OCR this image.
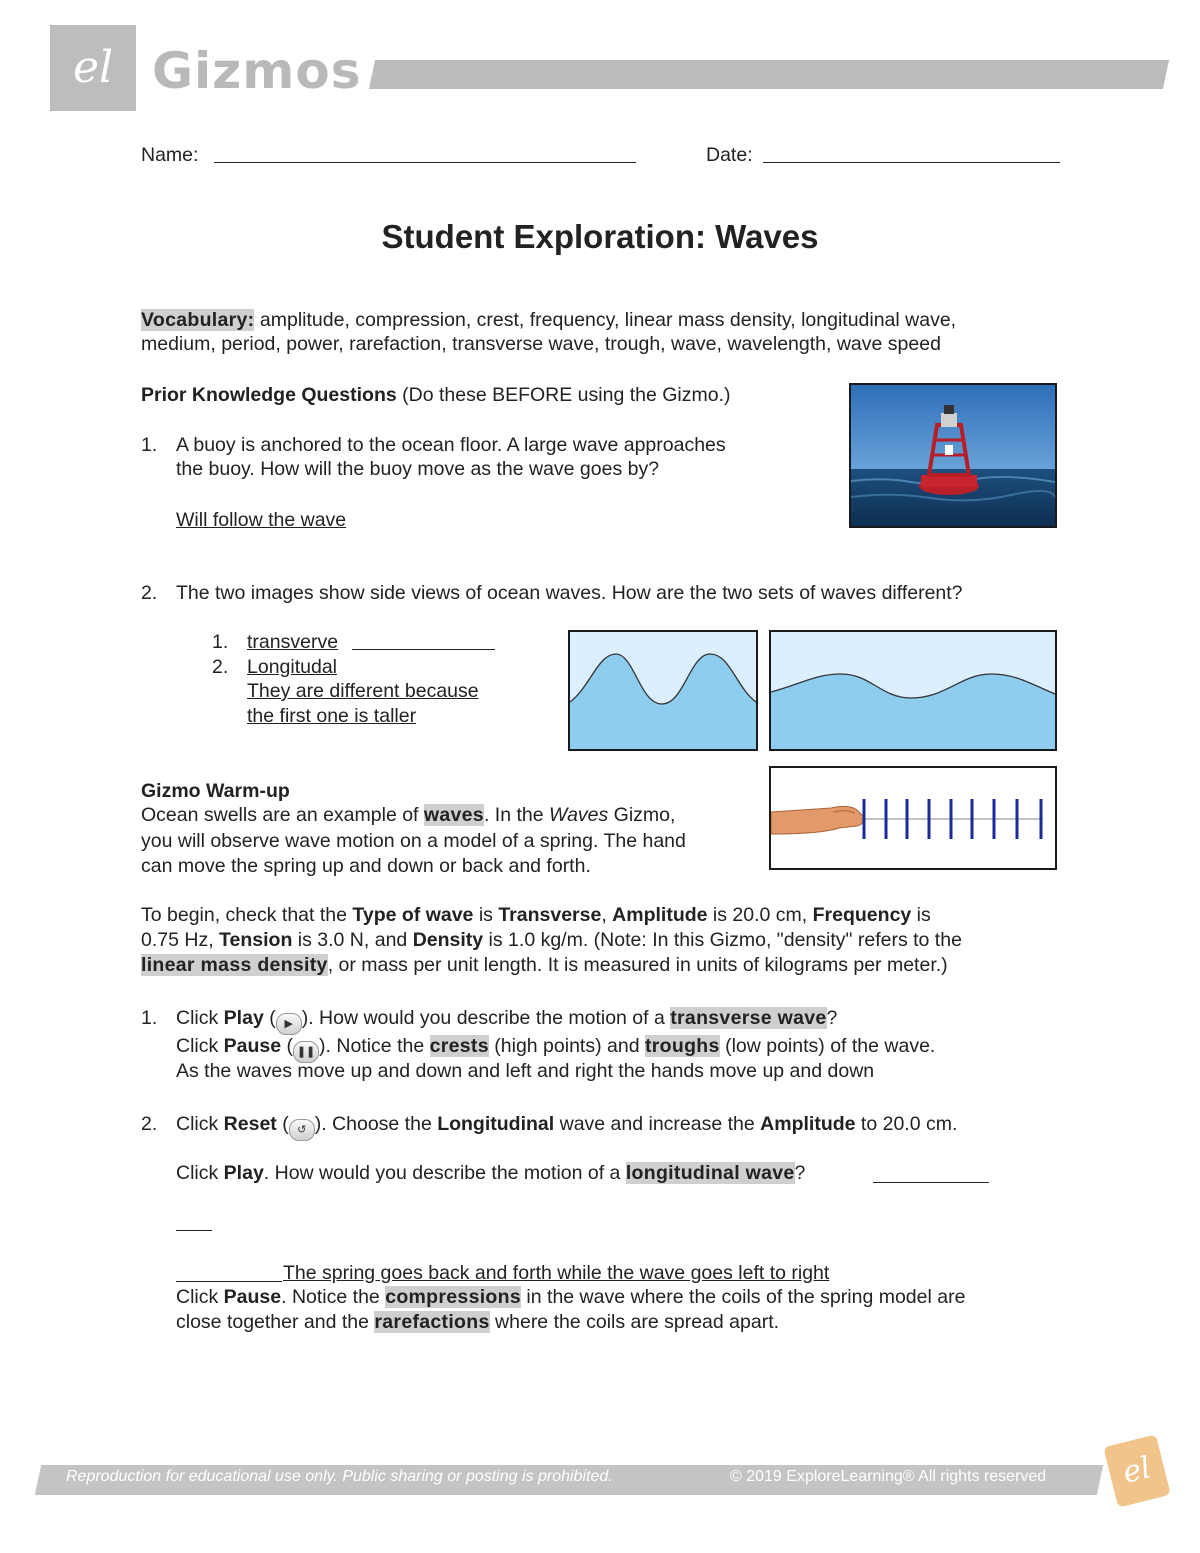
el Gizmos
Name:	Date:
Student Exploration: Waves
Vocabulary: amplitude, compression, crest, frequency, linear mass density, longitudinal wave,
medium, period, power, rarefaction, transverse wave, trough, wave, wavelength, wave speed
Prior Knowledge Questions (Do these BEFORE using the Gizmo.)
1. A buoy is anchored to the ocean floor. A large wave approaches
the buoy. How will the buoy move as the wave goes by?
Will follow the wave
2. The two images show side views of ocean waves. How are the two sets of waves different?
1. transverve
2. Longitudal
They are different because
the first one is taller
Gizmo Warm-up
Ocean swells are an example of waves. In the Waves Gizmo,
you will observe wave motion on a model of a spring. The hand
can move the spring up and down or back and forth.
To begin, check that the Type of wave is Transverse, Amplitude is 20.0 cm, Frequency is
0.75 Hz, Tension is 3.0 N, and Density is 1.0 kg/m. (Note: In this Gizmo, "density" refers to the
linear mass density, or mass per unit length. It is measured in units of kilograms per meter.)
1. Click Play ( ▶ ). How would you describe the motion of a transverse wave?
Click Pause ( ❚❚ ). Notice the crests (high points) and troughs (low points) of the wave.
As the waves move up and down and left and right the hands move up and down
2. Click Reset ( ↺ ). Choose the Longitudinal wave and increase the Amplitude to 20.0 cm.
Click Play. How would you describe the motion of a longitudinal wave?
The spring goes back and forth while the wave goes left to right
Click Pause. Notice the compressions in the wave where the coils of the spring model are
close together and the rarefactions where the coils are spread apart.
Reproduction for educational use only. Public sharing or posting is prohibited.	© 2019 ExploreLearning® All rights reserved	el
